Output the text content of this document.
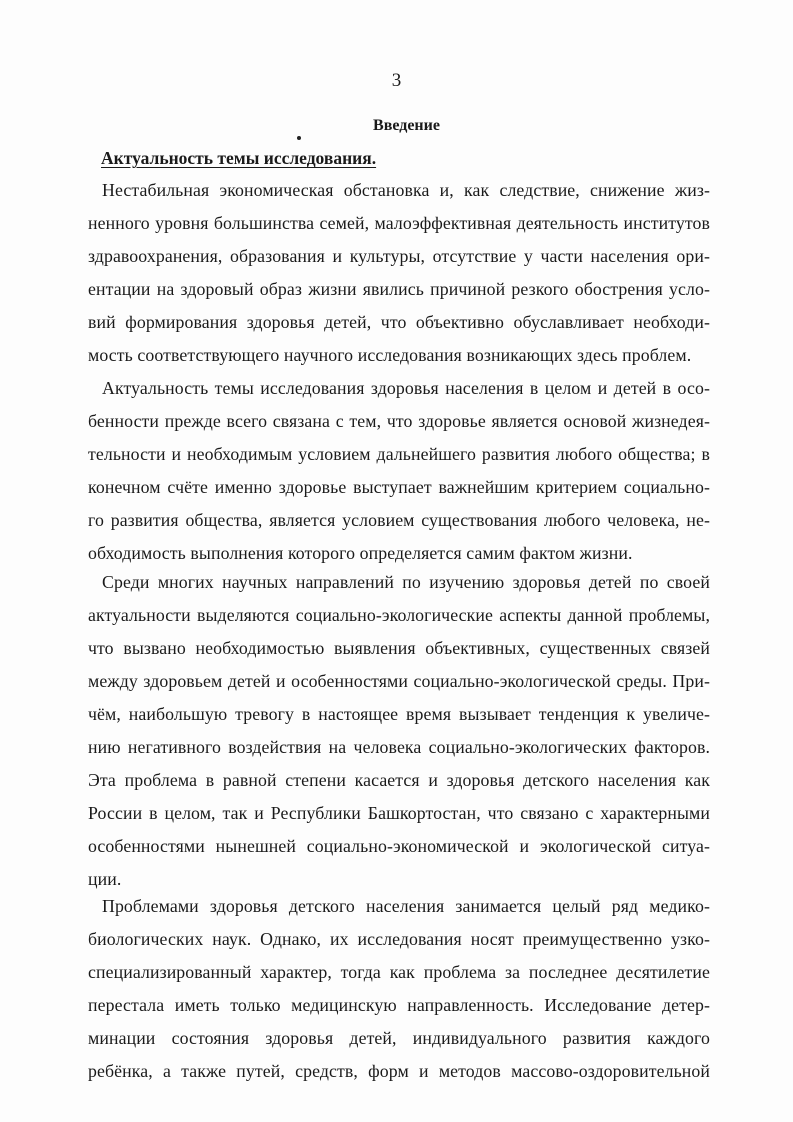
3
Введение
Актуальность темы исследования.
Нестабильная экономическая обстановка и, как следствие, снижение жиз-
ненного уровня большинства семей, малоэффективная деятельность институтов
здравоохранения, образования и культуры, отсутствие у части населения ори-
ентации на здоровый образ жизни явились причиной резкого обострения усло-
вий формирования здоровья детей, что объективно обуславливает необходи-
мость соответствующего научного исследования возникающих здесь проблем.
Актуальность темы исследования здоровья населения в целом и детей в осо-
бенности прежде всего связана с тем, что здоровье является основой жизнедея-
тельности и необходимым условием дальнейшего развития любого общества; в
конечном счёте именно здоровье выступает важнейшим критерием социально-
го развития общества, является условием существования любого человека, не-
обходимость выполнения которого определяется самим фактом жизни.
Среди многих научных направлений по изучению здоровья детей по своей
актуальности выделяются социально-экологические аспекты данной проблемы,
что вызвано необходимостью выявления объективных, существенных связей
между здоровьем детей и особенностями социально-экологической среды. При-
чём, наибольшую тревогу в настоящее время вызывает тенденция к увеличе-
нию негативного воздействия на человека социально-экологических факторов.
Эта проблема в равной степени касается и здоровья детского населения как
России в целом, так и Республики Башкортостан, что связано с характерными
особенностями нынешней социально-экономической и экологической ситуа-
ции.
Проблемами здоровья детского населения занимается целый ряд медико-
биологических наук. Однако, их исследования носят преимущественно узко-
специализированный характер, тогда как проблема за последнее десятилетие
перестала иметь только медицинскую направленность. Исследование детер-
минации состояния здоровья детей, индивидуального развития каждого
ребёнка, а также путей, средств, форм и методов массово-оздоровительной
